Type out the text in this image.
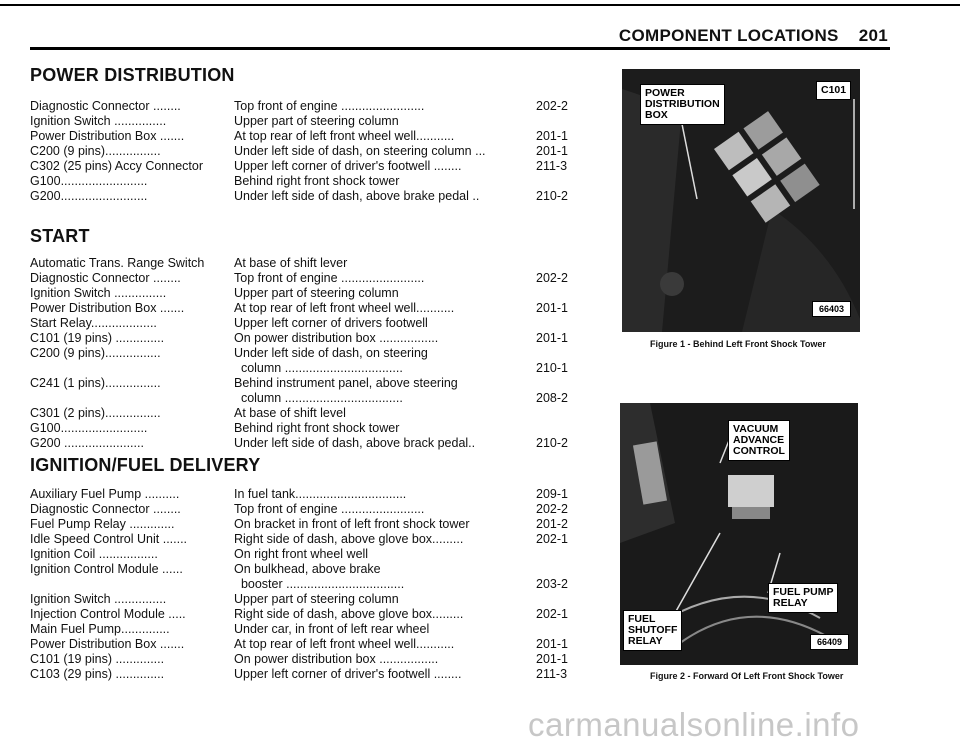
COMPONENT LOCATIONS 201
POWER DISTRIBUTION
Diagnostic Connector ........	Top front of engine ........................	202-2
Ignition Switch ...............	Upper part of steering column
Power Distribution Box .......	At top rear of left front wheel well...........	201-1
C200 (9 pins)................	Under left side of dash, on steering column ...	201-1
C302 (25 pins) Accy Connector	Upper left corner of driver's footwell ........	211-3
G100.........................	Behind right front shock tower
G200.........................	Under left side of dash, above brake pedal ..	210-2
START
Automatic Trans. Range Switch	At base of shift lever
Diagnostic Connector ........	Top front of engine ........................	202-2
Ignition Switch ...............	Upper part of steering column
Power Distribution Box .......	At top rear of left front wheel well...........	201-1
Start Relay...................	Upper left corner of drivers footwell
C101 (19 pins) ..............	On power distribution box .................	201-1
C200 (9 pins)................	Under left side of dash, on steering
column ..................................	210-1
C241 (1 pins)................	Behind instrument panel, above steering
column ..................................	208-2
C301 (2 pins)................	At base of shift level
G100.........................	Behind right front shock tower
G200 .......................	Under left side of dash, above brack pedal..	210-2
IGNITION/FUEL DELIVERY
Auxiliary Fuel Pump ..........	In fuel tank................................	209-1
Diagnostic Connector ........	Top front of engine ........................	202-2
Fuel Pump Relay .............	On bracket in front of left front shock tower	201-2
Idle Speed Control Unit .......	Right side of dash, above glove box.........	202-1
Ignition Coil .................	On right front wheel well
Ignition Control Module ......	On bulkhead, above brake
booster ..................................	203-2
Ignition Switch ...............	Upper part of steering column
Injection Control Module .....	Right side of dash, above glove box.........	202-1
Main Fuel Pump..............	Under car, in front of left rear wheel
Power Distribution Box .......	At top rear of left front wheel well...........	201-1
C101 (19 pins) ..............	On power distribution box .................	201-1
C103 (29 pins) ..............	Upper left corner of driver's footwell ........	211-3
POWER
DISTRIBUTION
BOX
C101
66403
Figure 1 - Behind Left Front Shock Tower
VACUUM
ADVANCE
CONTROL
FUEL PUMP
RELAY
FUEL
SHUTOFF
RELAY	66409
Figure 2 - Forward Of Left Front Shock Tower
carmanualsonline.info
